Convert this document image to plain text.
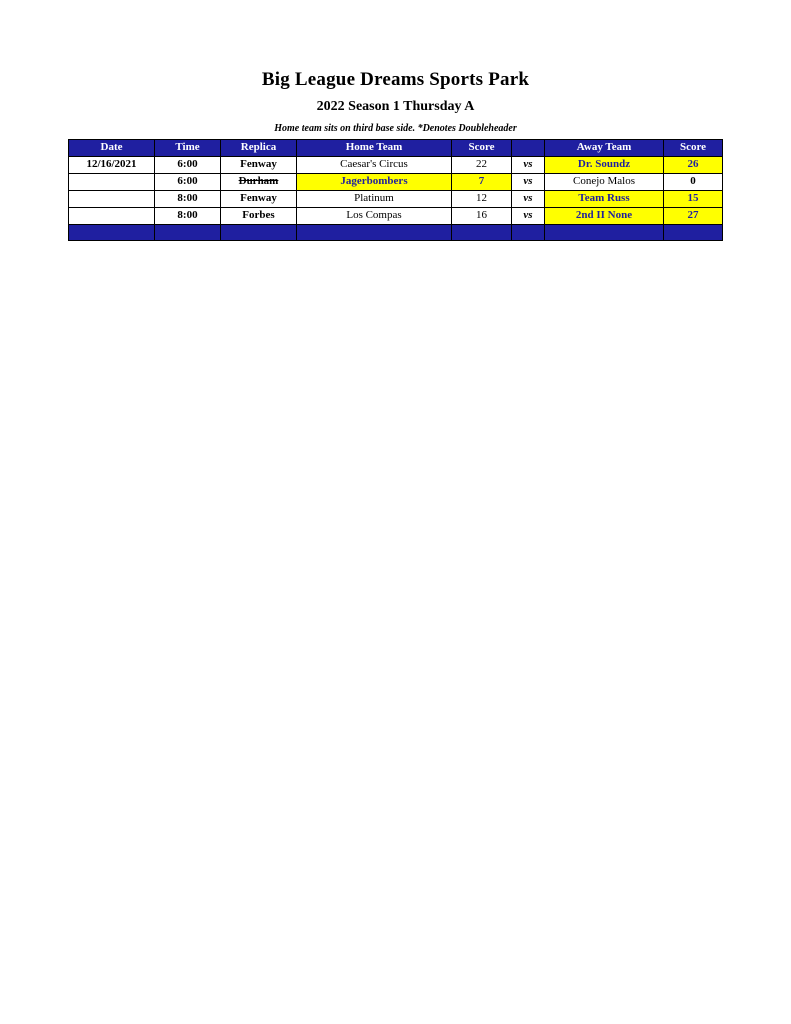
Big League Dreams Sports Park
2022 Season 1 Thursday A

Home team sits on third base side. *Denotes Doubleheader

Date	Time	Replica	Home Team	Score		Away Team	Score
12/16/2021	6:00	Fenway	Caesar's Circus	22	vs	Dr. Soundz	26
	6:00	Durham	Jagerbombers	7	vs	Conejo Malos	0
	8:00	Fenway	Platinum	12	vs	Team Russ	15
	8:00	Forbes	Los Compas	16	vs	2nd II None	27
